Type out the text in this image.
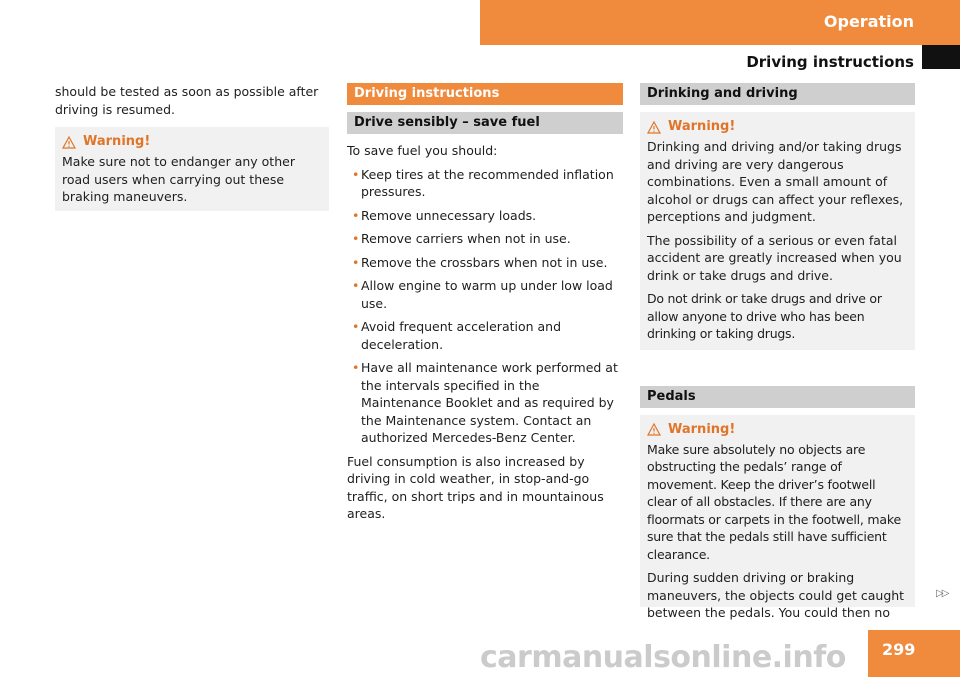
Operation
Driving instructions

should be tested as soon as possible after driving is resumed.

Warning!
Make sure not to endanger any other road users when carrying out these braking maneuvers.
Driving instructions
Drive sensibly – save fuel

To save fuel you should:

• Keep tires at the recommended inflation pressures.
• Remove unnecessary loads.
• Remove carriers when not in use.
• Remove the crossbars when not in use.
• Allow engine to warm up under low load use.
• Avoid frequent acceleration and deceleration.
• Have all maintenance work performed at the intervals specified in the Maintenance Booklet and as required by the Maintenance system. Contact an authorized Mercedes-Benz Center.

Fuel consumption is also increased by driving in cold weather, in stop-and-go traffic, on short trips and in mountainous areas.

Drinking and driving
Warning!

Drinking and driving and/or taking drugs and driving are very dangerous combinations. Even a small amount of alcohol or drugs can affect your reflexes, perceptions and judgment.

The possibility of a serious or even fatal accident are greatly increased when you drink or take drugs and drive.

Do not drink or take drugs and drive or allow anyone to drive who has been drinking or taking drugs.

Pedals
Warning!

Make sure absolutely no objects are obstructing the pedals’ range of movement. Keep the driver’s footwell clear of all obstacles. If there are any floormats or carpets in the footwell, make sure that the pedals still have sufficient clearance.

During sudden driving or braking maneuvers, the objects could get caught between the pedals. You could then no

▷▷
299
carmanualsonline.info
